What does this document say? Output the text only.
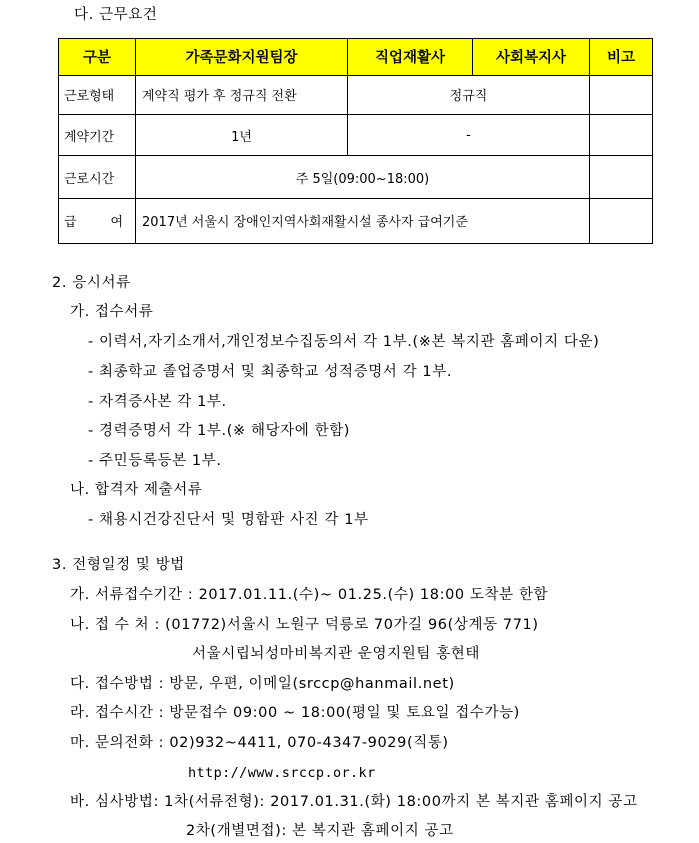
다. 근무요건
구분	가족문화지원팀장	직업재활사	사회복지사	비고
근로형태	계약직 평가 후 정규직 전환	정규직		
계약기간	1년	-		
근로시간	주 5일(09:00~18:00)			

급 여	2017년 서울시 장애인지역사회재활시설 종사자 급여기준			
2. 응시서류
가. 접수서류
- 이력서,자기소개서,개인정보수집동의서 각 1부.(※본 복지관 홈페이지 다운)
- 최종학교 졸업증명서 및 최종학교 성적증명서 각 1부.
- 자격증사본 각 1부.
- 경력증명서 각 1부.(※ 해당자에 한함)
- 주민등록등본 1부.
나. 합격자 제출서류
- 채용시건강진단서 및 명함판 사진 각 1부
3. 전형일정 및 방법
가. 서류접수기간 : 2017.01.11.(수)~ 01.25.(수) 18:00 도착분 한함
나. 접 수 처 : (01772)서울시 노원구 덕릉로 70가길 96(상계동 771)
서울시립뇌성마비복지관 운영지원팀 홍현태
다. 접수방법 : 방문, 우편, 이메일(srccp@hanmail.net)
라. 접수시간 : 방문접수 09:00 ~ 18:00(평일 및 토요일 접수가능)
마. 문의전화 : 02)932~4411, 070-4347-9029(직통)
http://www.srccp.or.kr
바. 심사방법: 1차(서류전형): 2017.01.31.(화) 18:00까지 본 복지관 홈페이지 공고
2차(개별면접): 본 복지관 홈페이지 공고
